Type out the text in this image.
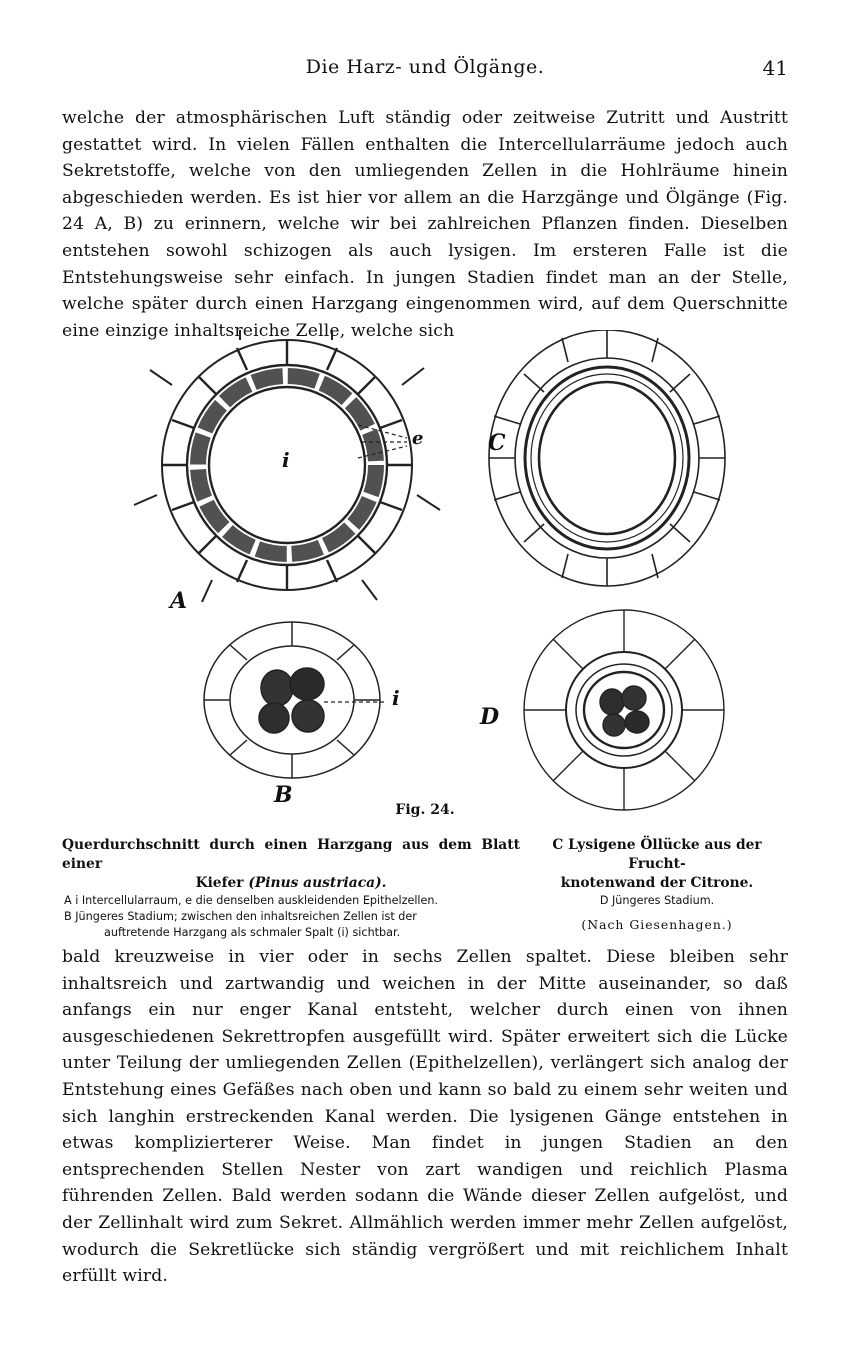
Die Harz- und Ölgänge.	41
welche der atmosphärischen Luft ständig oder zeitweise Zutritt und Austritt gestattet wird. In vielen Fällen enthalten die Intercellularräume jedoch auch Sekretstoffe, welche von den umliegenden Zellen in die Hohlräume hinein abgeschieden werden. Es ist hier vor allem an die Harzgänge und Ölgänge (Fig. 24 A, B) zu erinnern, welche wir bei zahlreichen Pflanzen finden. Dieselben entstehen sowohl schizogen als auch lysigen. Im ersteren Falle ist die Entstehungsweise sehr einfach. In jungen Stadien findet man an der Stelle, welche später durch einen Harzgang eingenommen wird, auf dem Querschnitte eine einzige inhaltsreiche Zelle, welche sich
A
C
B
D
i
e
i
Fig. 24.
Querdurchschnitt durch einen Harzgang aus dem Blatt einer
Kiefer (Pinus austriaca).
A i Intercellularraum, e die denselben auskleidenden Epithelzellen.
B Jüngeres Stadium; zwischen den inhaltsreichen Zellen ist der
auftretende Harzgang als schmaler Spalt (i) sichtbar.
C Lysigene Öllücke aus der Frucht-
knotenwand der Citrone.
D Jüngeres Stadium.
(Nach Giesenhagen.)
bald kreuzweise in vier oder in sechs Zellen spaltet. Diese bleiben sehr inhaltsreich und zartwandig und weichen in der Mitte auseinander, so daß anfangs ein nur enger Kanal entsteht, welcher durch einen von ihnen ausgeschiedenen Sekrettropfen ausgefüllt wird. Später erweitert sich die Lücke unter Teilung der umliegenden Zellen (Epithelzellen), verlängert sich analog der Entstehung eines Gefäßes nach oben und kann so bald zu einem sehr weiten und sich langhin erstreckenden Kanal werden. Die lysigenen Gänge entstehen in etwas komplizierterer Weise. Man findet in jungen Stadien an den entsprechenden Stellen Nester von zart wandigen und reichlich Plasma führenden Zellen. Bald werden sodann die Wände dieser Zellen aufgelöst, und der Zellinhalt wird zum Sekret. Allmählich werden immer mehr Zellen aufgelöst, wodurch die Sekretlücke sich ständig vergrößert und mit reichlichem Inhalt erfüllt wird.
